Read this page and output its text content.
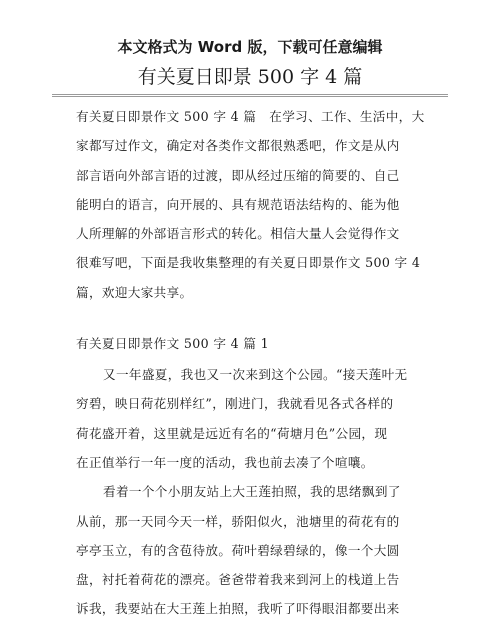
本文格式为 Word 版，下载可任意编辑
有关夏日即景 500 字 4 篇
有关夏日即景作文 500 字 4 篇　在学习、工作、生活中，大
家都写过作文，确定对各类作文都很熟悉吧，作文是从内
部言语向外部言语的过渡，即从经过压缩的简要的、自己
能明白的语言，向开展的、具有规范语法结构的、能为他
人所理解的外部语言形式的转化。相信大量人会觉得作文
很难写吧，下面是我收集整理的有关夏日即景作文 500 字 4
篇，欢迎大家共享。
有关夏日即景作文 500 字 4 篇 1
又一年盛夏，我也又一次来到这个公园。“接天莲叶无
穷碧，映日荷花别样红”，刚进门，我就看见各式各样的
荷花盛开着，这里就是远近有名的“荷塘月色”公园，现
在正值举行一年一度的活动，我也前去凑了个喧嚷。
看着一个个小朋友站上大王莲拍照，我的思绪飘到了
从前，那一天同今天一样，骄阳似火，池塘里的荷花有的
亭亭玉立，有的含苞待放。荷叶碧绿碧绿的，像一个大圆
盘，衬托着荷花的漂亮。爸爸带着我来到河上的栈道上告
诉我，我要站在大王莲上拍照，我听了吓得眼泪都要出来
